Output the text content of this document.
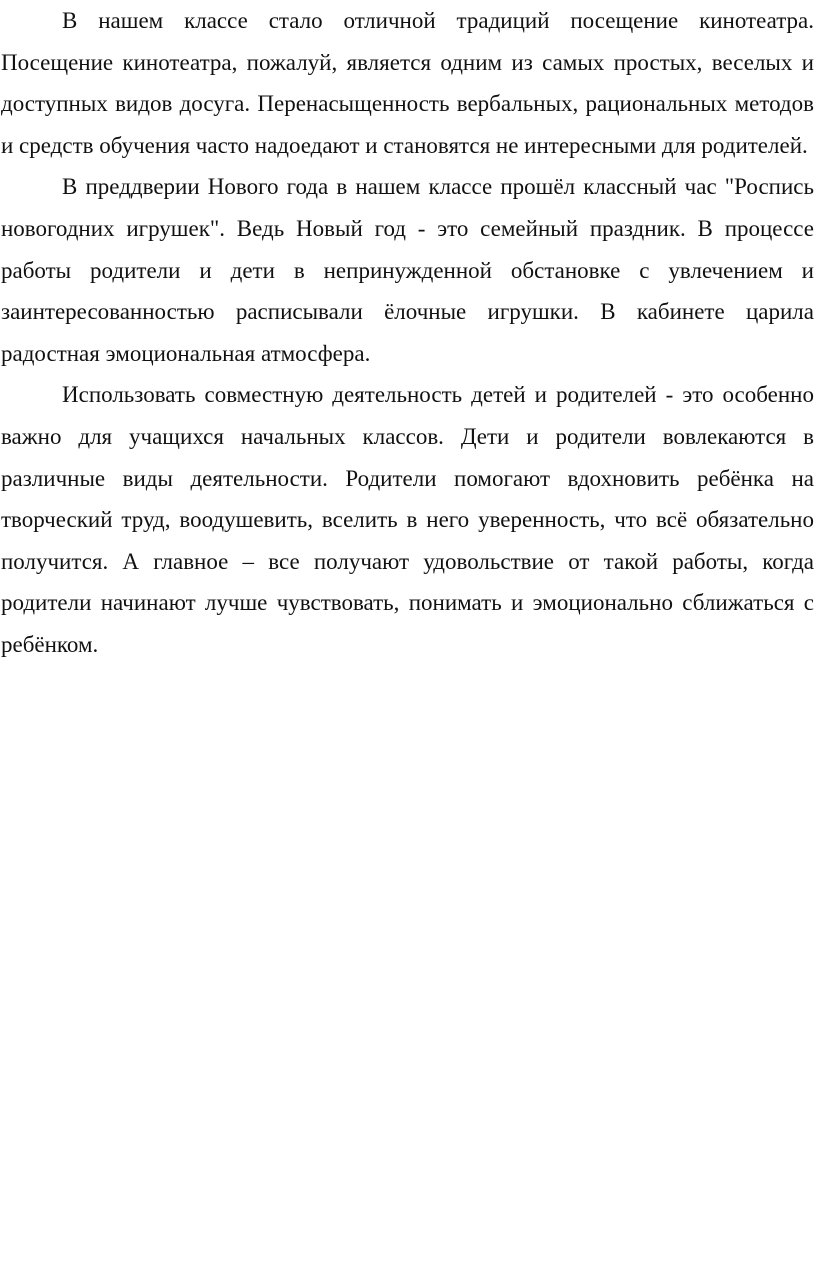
В нашем классе стало отличной традиций посещение кинотеатра. Посещение кинотеатра, пожалуй, является одним из самых простых, веселых и доступных видов досуга. Перенасыщенность вербальных, рациональных методов и средств обучения часто надоедают и становятся не интересными для родителей.

В преддверии Нового года в нашем классе прошёл классный час "Роспись новогодних игрушек". Ведь Новый год - это семейный праздник. В процессе работы родители и дети в непринужденной обстановке с увлечением и заинтересованностью расписывали ёлочные игрушки. В кабинете царила радостная эмоциональная атмосфера.

Использовать совместную деятельность детей и родителей - это особенно важно для учащихся начальных классов. Дети и родители вовлекаются в различные виды деятельности. Родители помогают вдохновить ребёнка на творческий труд, воодушевить, вселить в него уверенность, что всё обязательно получится. А главное – все получают удовольствие от такой работы, когда родители начинают лучше чувствовать, понимать и эмоционально сближаться с ребёнком.
